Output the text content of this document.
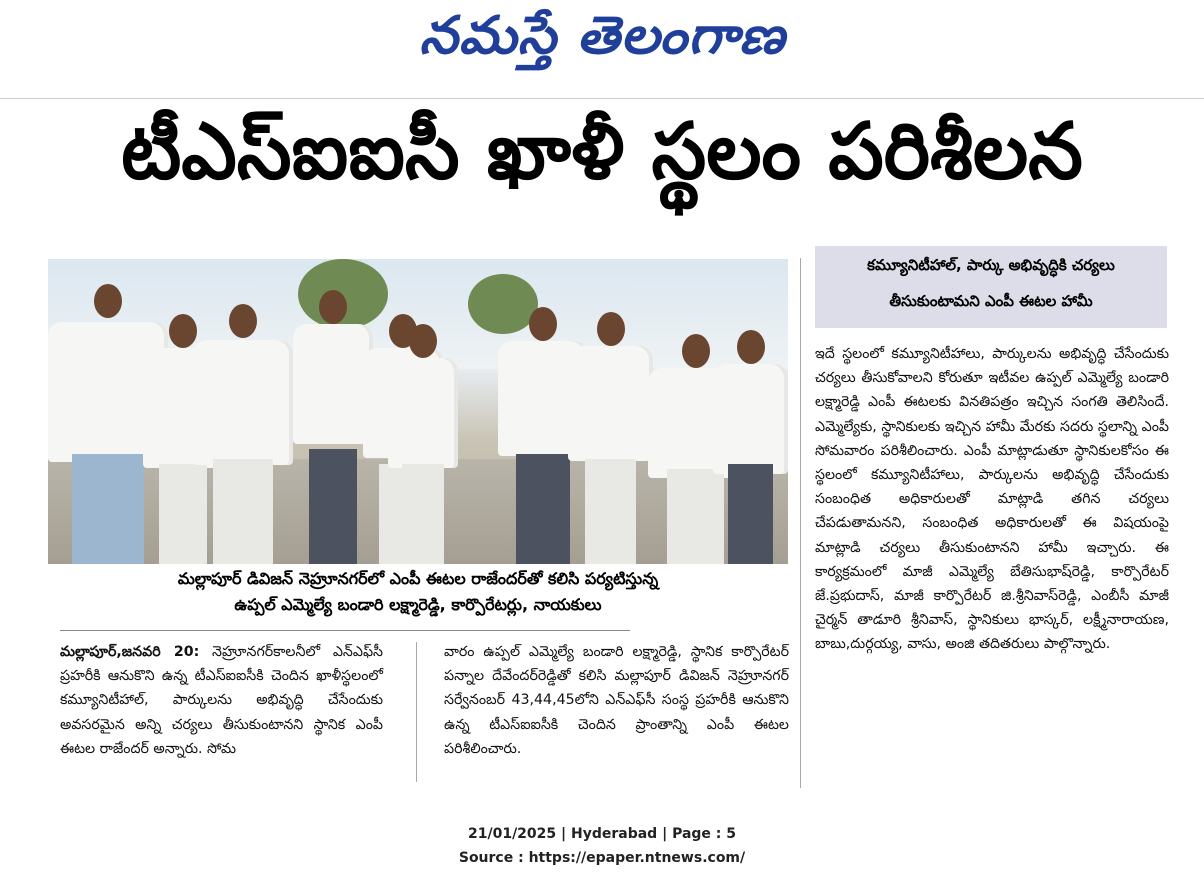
నమస్తే తెలంగాణ
టీఎస్ఐఐసీ ఖాళీ స్థలం పరిశీలన
మల్లాపూర్ డివిజన్ నెహ్రూనగర్‌లో ఎంపీ ఈటల రాజేందర్‌తో కలిసి పర్యటిస్తున్న
ఉప్పల్ ఎమ్మెల్యే బండారి లక్ష్మారెడ్డి, కార్పొరేటర్లు, నాయకులు
కమ్యూనిటీహాల్, పార్కు అభివృద్ధికి చర్యలు
తీసుకుంటామని ఎంపీ ఈటల హామీ

మల్లాపూర్,జనవరి 20: నెహ్రూనగర్‌కాలనీలో ఎన్ఎఫ్‌సీ ప్రహరీకి ఆనుకొని ఉన్న టీఎస్ఐఐసీకి చెందిన ఖాళీస్థలంలో కమ్యూనిటీహాల్, పార్కులను అభివృద్ధి చేసేందుకు అవసరమైన అన్ని చర్యలు తీసుకుంటానని స్థానిక ఎంపీ ఈటల రాజేందర్ అన్నారు. సోమ

వారం ఉప్పల్ ఎమ్మెల్యే బండారి లక్ష్మారెడ్డి, స్థానిక కార్పొరేటర్ పన్నాల దేవేందర్‌రెడ్డితో కలిసి మల్లాపూర్ డివిజన్ నెహ్రూనగర్ సర్వేనంబర్ 43,44,45లోని ఎన్ఎఫ్‌సీ సంస్థ ప్రహరీకి ఆనుకొని ఉన్న టీఎస్ఐఐసీకి చెందిన ప్రాంతాన్ని ఎంపీ ఈటల పరిశీలించారు.

ఇదే స్థలంలో కమ్యూనిటీహాలు, పార్కులను అభివృద్ధి చేసేందుకు చర్యలు తీసుకోవాలని కోరుతూ ఇటీవల ఉప్పల్ ఎమ్మెల్యే బండారి లక్ష్మారెడ్డి ఎంపీ ఈటలకు వినతిపత్రం ఇచ్చిన సంగతి తెలిసిందే. ఎమ్మెల్యేకు, స్థానికులకు ఇచ్చిన హామీ మేరకు సదరు స్థలాన్ని ఎంపీ సోమవారం పరిశీలించారు. ఎంపీ మాట్లాడుతూ స్థానికులకోసం ఈ స్థలంలో కమ్యూనిటీహాలు, పార్కులను అభివృద్ధి చేసేందుకు సంబంధిత అధికారులతో మాట్లాడి తగిన చర్యలు చేపడుతామనని, సంబంధిత అధికారులతో ఈ విషయంపై మాట్లాడి చర్యలు తీసుకుంటానని హామీ ఇచ్చారు. ఈ కార్యక్రమంలో మాజీ ఎమ్మెల్యే బేతిసుభాష్‌రెడ్డి, కార్పొరేటర్ జే.ప్రభుదాస్, మాజీ కార్పొరేటర్ జి.శ్రీనివాస్‌రెడ్డి, ఎంబీసీ మాజీ చైర్మన్ తాడూరి శ్రీనివాస్, స్థానికులు భాస్కర్, లక్ష్మీనారాయణ, బాబు,దుర్గయ్య, వాసు, అంజి తదితరులు పాల్గొన్నారు.

21/01/2025 | Hyderabad | Page : 5
Source : https://epaper.ntnews.com/
